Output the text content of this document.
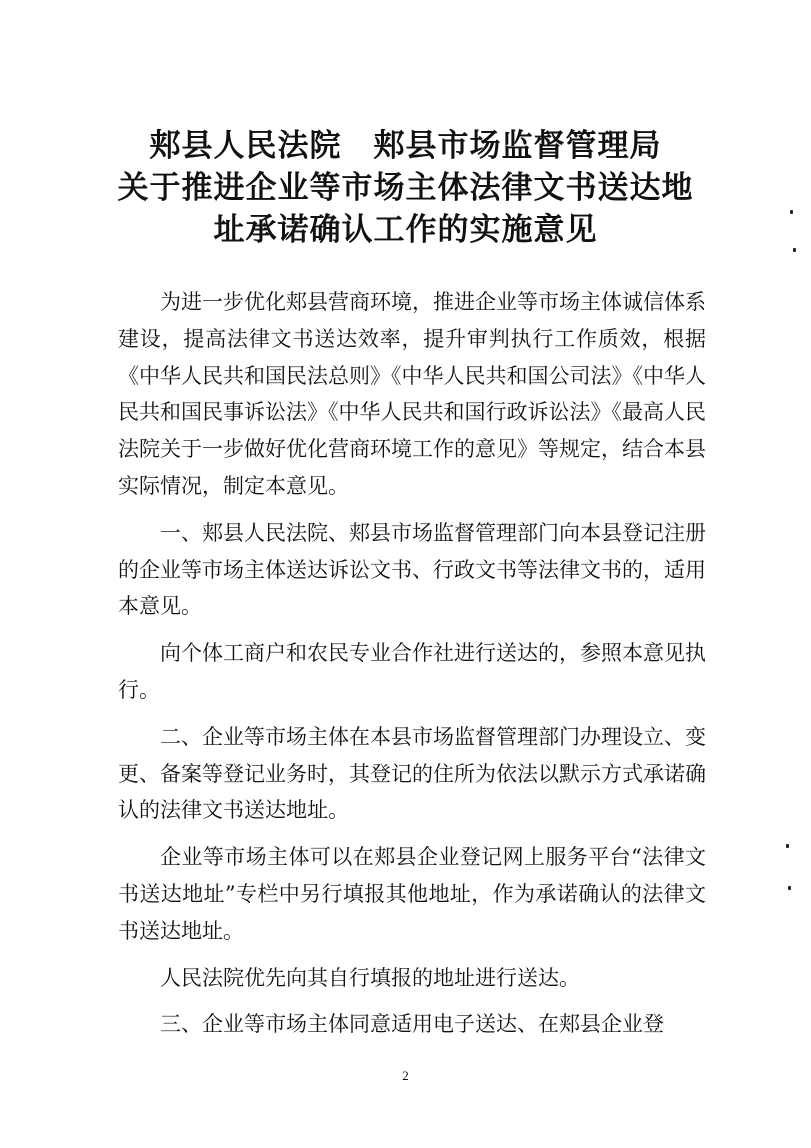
郏县人民法院　郏县市场监督管理局
关于推进企业等市场主体法律文书送达地
址承诺确认工作的实施意见

为进一步优化郏县营商环境，推进企业等市场主体诚信体系建设，提高法律文书送达效率，提升审判执行工作质效，根据《中华人民共和国民法总则》《中华人民共和国公司法》《中华人民共和国民事诉讼法》《中华人民共和国行政诉讼法》《最高人民法院关于一步做好优化营商环境工作的意见》等规定，结合本县实际情况，制定本意见。

一、郏县人民法院、郏县市场监督管理部门向本县登记注册的企业等市场主体送达诉讼文书、行政文书等法律文书的，适用本意见。

向个体工商户和农民专业合作社进行送达的，参照本意见执行。

二、企业等市场主体在本县市场监督管理部门办理设立、变更、备案等登记业务时，其登记的住所为依法以默示方式承诺确认的法律文书送达地址。

企业等市场主体可以在郏县企业登记网上服务平台“法律文书送达地址”专栏中另行填报其他地址，作为承诺确认的法律文书送达地址。

人民法院优先向其自行填报的地址进行送达。

三、企业等市场主体同意适用电子送达、在郏县企业登

2
